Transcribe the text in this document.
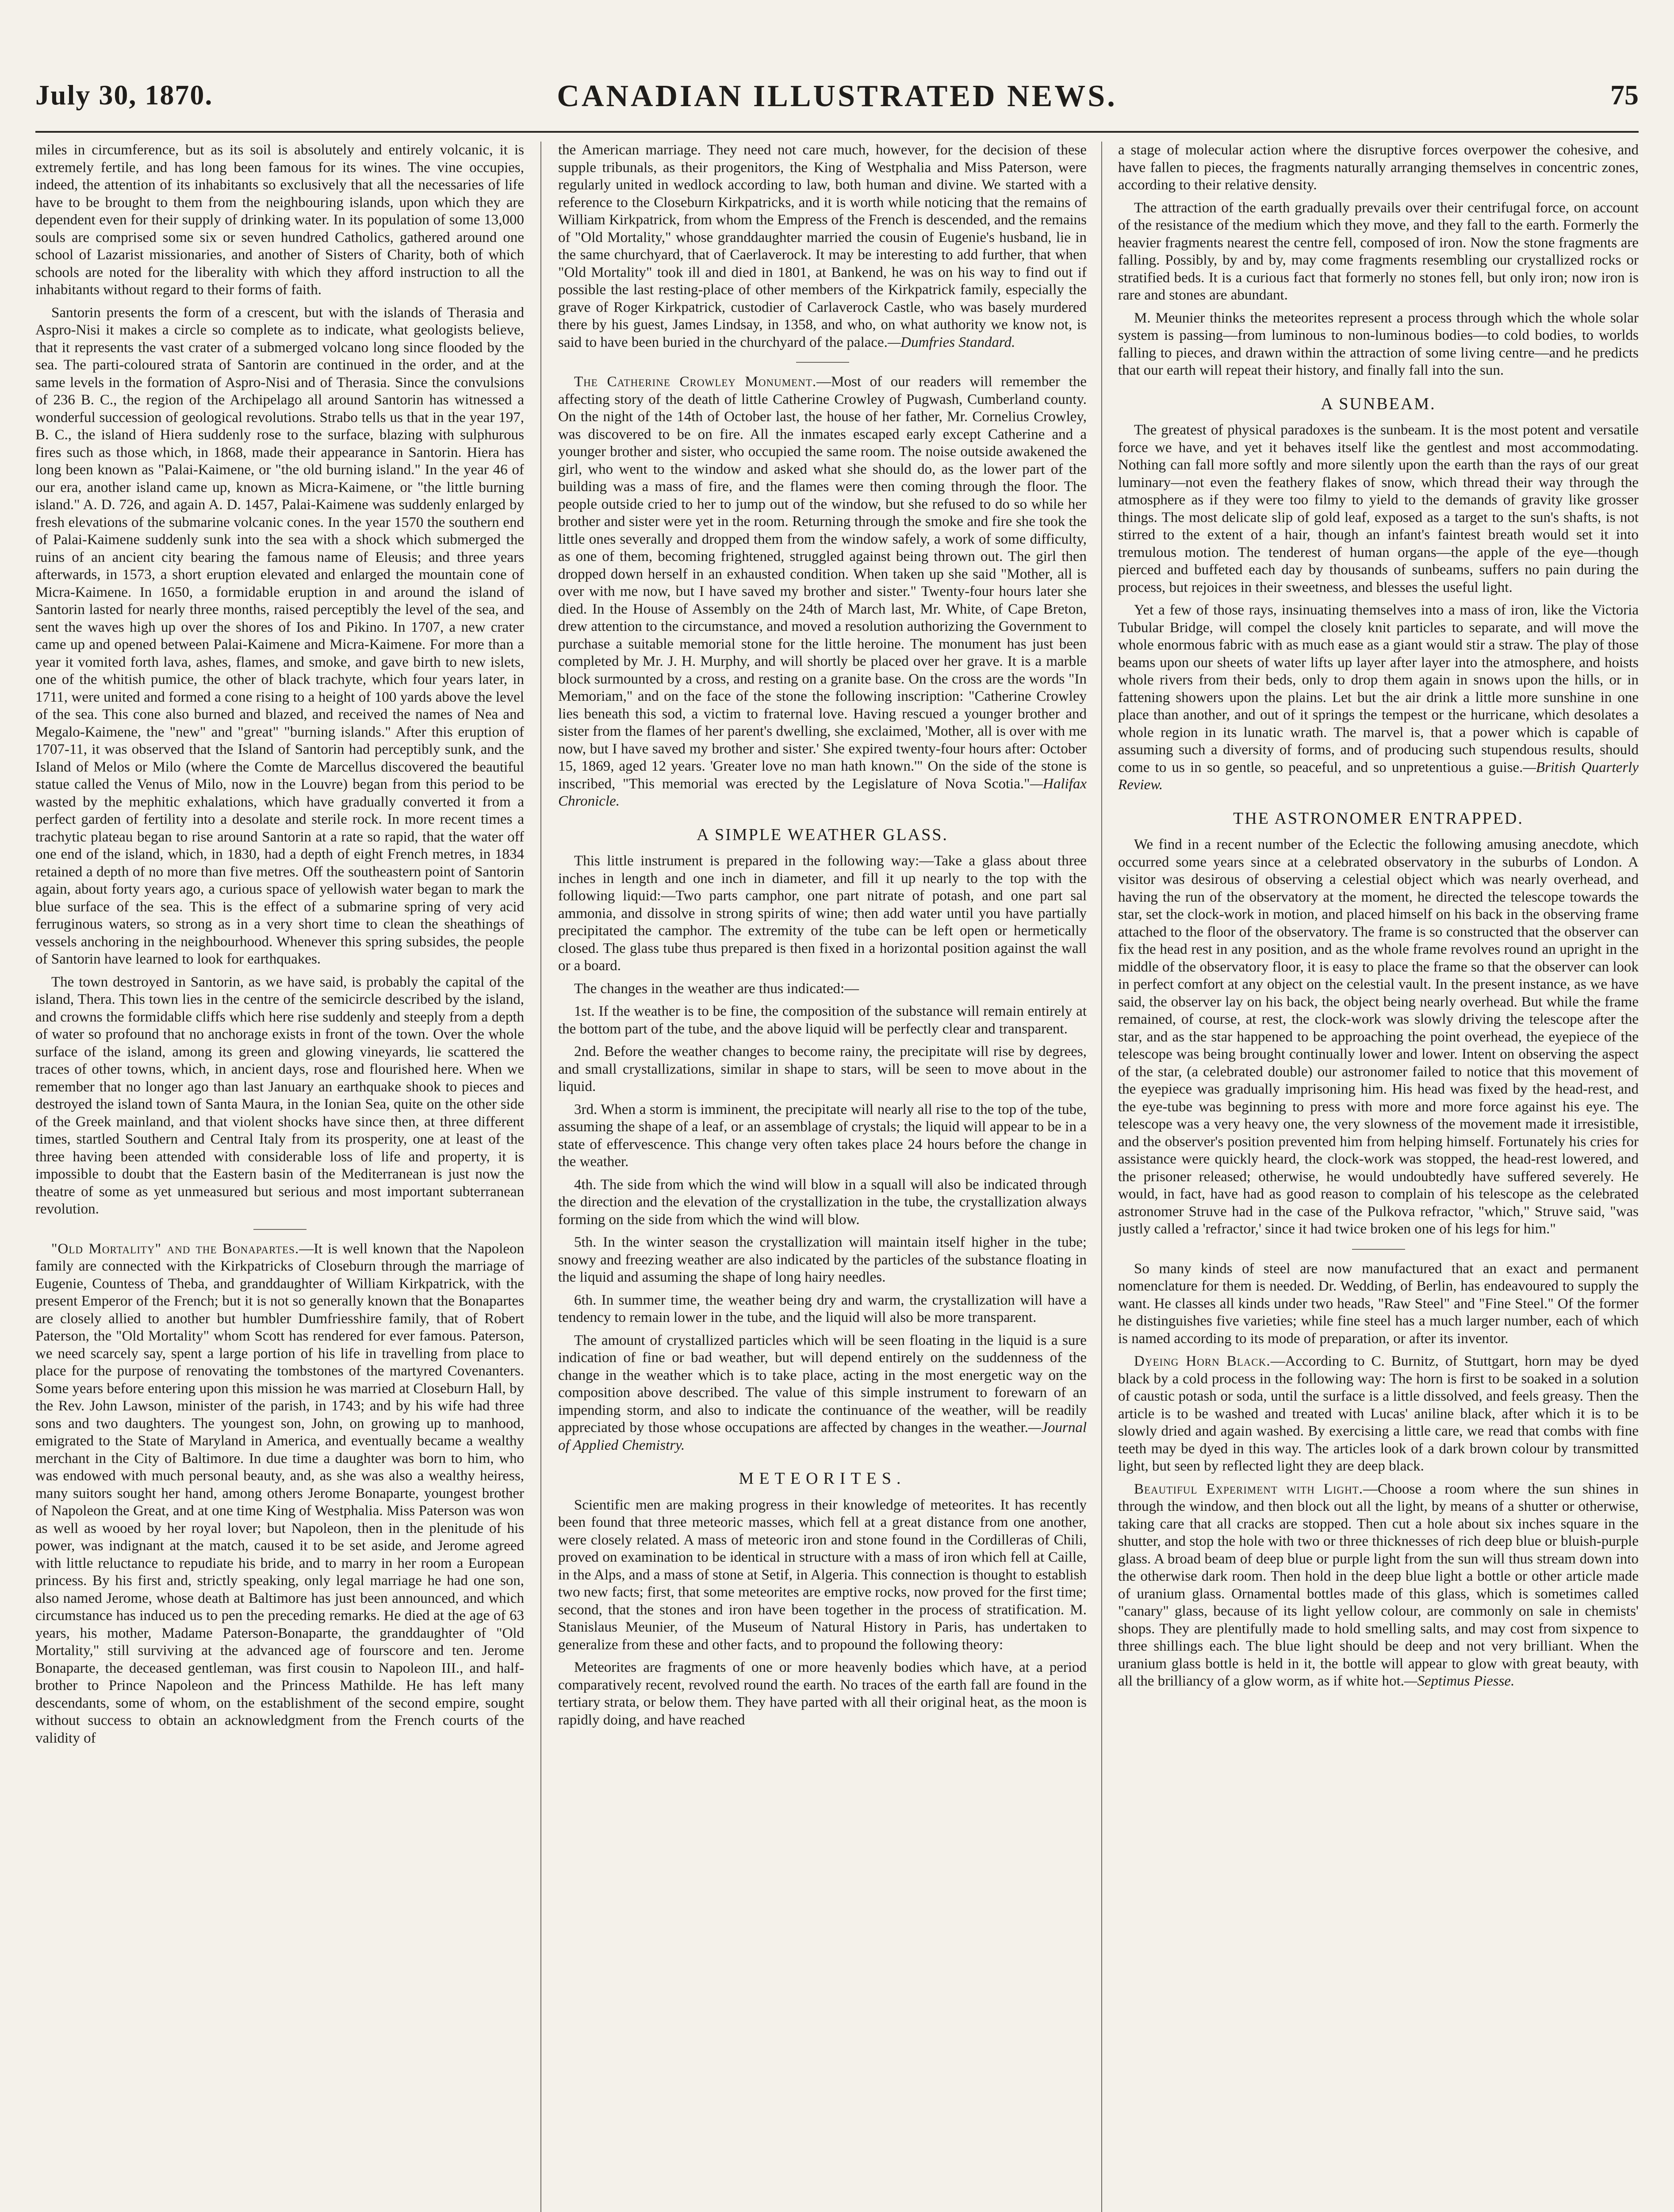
July 30, 1870.	CANADIAN ILLUSTRATED NEWS.	75

miles in circumference, but as its soil is absolutely and entirely volcanic, it is extremely fertile, and has long been famous for its wines. The vine occupies, indeed, the attention of its inhabitants so exclusively that all the necessaries of life have to be brought to them from the neighbouring islands, upon which they are dependent even for their supply of drinking water. In its population of some 13,000 souls are comprised some six or seven hundred Catholics, gathered around one school of Lazarist missionaries, and another of Sisters of Charity, both of which schools are noted for the liberality with which they afford instruction to all the inhabitants without regard to their forms of faith.

Santorin presents the form of a crescent, but with the islands of Therasia and Aspro-Nisi it makes a circle so complete as to indicate, what geologists believe, that it represents the vast crater of a submerged volcano long since flooded by the sea. The parti-coloured strata of Santorin are continued in the order, and at the same levels in the formation of Aspro-Nisi and of Therasia. Since the convulsions of 236 B. C., the region of the Archipelago all around Santorin has witnessed a wonderful succession of geological revolutions. Strabo tells us that in the year 197, B. C., the island of Hiera suddenly rose to the surface, blazing with sulphurous fires such as those which, in 1868, made their appearance in Santorin. Hiera has long been known as "Palai-Kaimene, or "the old burning island." In the year 46 of our era, another island came up, known as Micra-Kaimene, or "the little burning island." A. D. 726, and again A. D. 1457, Palai-Kaimene was suddenly enlarged by fresh elevations of the submarine volcanic cones. In the year 1570 the southern end of Palai-Kaimene suddenly sunk into the sea with a shock which submerged the ruins of an ancient city bearing the famous name of Eleusis; and three years afterwards, in 1573, a short eruption elevated and enlarged the mountain cone of Micra-Kaimene. In 1650, a formidable eruption in and around the island of Santorin lasted for nearly three months, raised perceptibly the level of the sea, and sent the waves high up over the shores of Ios and Pikino. In 1707, a new crater came up and opened between Palai-Kaimene and Micra-Kaimene. For more than a year it vomited forth lava, ashes, flames, and smoke, and gave birth to new islets, one of the whitish pumice, the other of black trachyte, which four years later, in 1711, were united and formed a cone rising to a height of 100 yards above the level of the sea. This cone also burned and blazed, and received the names of Nea and Megalo-Kaimene, the "new" and "great" "burning islands." After this eruption of 1707-11, it was observed that the Island of Santorin had perceptibly sunk, and the Island of Melos or Milo (where the Comte de Marcellus discovered the beautiful statue called the Venus of Milo, now in the Louvre) began from this period to be wasted by the mephitic exhalations, which have gradually converted it from a perfect garden of fertility into a desolate and sterile rock. In more recent times a trachytic plateau began to rise around Santorin at a rate so rapid, that the water off one end of the island, which, in 1830, had a depth of eight French metres, in 1834 retained a depth of no more than five metres. Off the southeastern point of Santorin again, about forty years ago, a curious space of yellowish water began to mark the blue surface of the sea. This is the effect of a submarine spring of very acid ferruginous waters, so strong as in a very short time to clean the sheathings of vessels anchoring in the neighbourhood. Whenever this spring subsides, the people of Santorin have learned to look for earthquakes.

The town destroyed in Santorin, as we have said, is probably the capital of the island, Thera. This town lies in the centre of the semicircle described by the island, and crowns the formidable cliffs which here rise suddenly and steeply from a depth of water so profound that no anchorage exists in front of the town. Over the whole surface of the island, among its green and glowing vineyards, lie scattered the traces of other towns, which, in ancient days, rose and flourished here. When we remember that no longer ago than last January an earthquake shook to pieces and destroyed the island town of Santa Maura, in the Ionian Sea, quite on the other side of the Greek mainland, and that violent shocks have since then, at three different times, startled Southern and Central Italy from its prosperity, one at least of the three having been attended with considerable loss of life and property, it is impossible to doubt that the Eastern basin of the Mediterranean is just now the theatre of some as yet unmeasured but serious and most important subterranean revolution.

"Old Mortality" and the Bonapartes.—It is well known that the Napoleon family are connected with the Kirkpatricks of Closeburn through the marriage of Eugenie, Countess of Theba, and granddaughter of William Kirkpatrick, with the present Emperor of the French; but it is not so generally known that the Bonapartes are closely allied to another but humbler Dumfriesshire family, that of Robert Paterson, the "Old Mortality" whom Scott has rendered for ever famous. Paterson, we need scarcely say, spent a large portion of his life in travelling from place to place for the purpose of renovating the tombstones of the martyred Covenanters. Some years before entering upon this mission he was married at Closeburn Hall, by the Rev. John Lawson, minister of the parish, in 1743; and by his wife had three sons and two daughters. The youngest son, John, on growing up to manhood, emigrated to the State of Maryland in America, and eventually became a wealthy merchant in the City of Baltimore. In due time a daughter was born to him, who was endowed with much personal beauty, and, as she was also a wealthy heiress, many suitors sought her hand, among others Jerome Bonaparte, youngest brother of Napoleon the Great, and at one time King of Westphalia. Miss Paterson was won as well as wooed by her royal lover; but Napoleon, then in the plenitude of his power, was indignant at the match, caused it to be set aside, and Jerome agreed with little reluctance to repudiate his bride, and to marry in her room a European princess. By his first and, strictly speaking, only legal marriage he had one son, also named Jerome, whose death at Baltimore has just been announced, and which circumstance has induced us to pen the preceding remarks. He died at the age of 63 years, his mother, Madame Paterson-Bonaparte, the granddaughter of "Old Mortality," still surviving at the advanced age of fourscore and ten. Jerome Bonaparte, the deceased gentleman, was first cousin to Napoleon III., and half-brother to Prince Napoleon and the Princess Mathilde. He has left many descendants, some of whom, on the establishment of the second empire, sought without success to obtain an acknowledgment from the French courts of the validity of

the American marriage. They need not care much, however, for the decision of these supple tribunals, as their progenitors, the King of Westphalia and Miss Paterson, were regularly united in wedlock according to law, both human and divine. We started with a reference to the Closeburn Kirkpatricks, and it is worth while noticing that the remains of William Kirkpatrick, from whom the Empress of the French is descended, and the remains of "Old Mortality," whose granddaughter married the cousin of Eugenie's husband, lie in the same churchyard, that of Caerlaverock. It may be interesting to add further, that when "Old Mortality" took ill and died in 1801, at Bankend, he was on his way to find out if possible the last resting-place of other members of the Kirkpatrick family, especially the grave of Roger Kirkpatrick, custodier of Carlaverock Castle, who was basely murdered there by his guest, James Lindsay, in 1358, and who, on what authority we know not, is said to have been buried in the churchyard of the palace.—Dumfries Standard.

The Catherine Crowley Monument.—Most of our readers will remember the affecting story of the death of little Catherine Crowley of Pugwash, Cumberland county. On the night of the 14th of October last, the house of her father, Mr. Cornelius Crowley, was discovered to be on fire. All the inmates escaped early except Catherine and a younger brother and sister, who occupied the same room. The noise outside awakened the girl, who went to the window and asked what she should do, as the lower part of the building was a mass of fire, and the flames were then coming through the floor. The people outside cried to her to jump out of the window, but she refused to do so while her brother and sister were yet in the room. Returning through the smoke and fire she took the little ones severally and dropped them from the window safely, a work of some difficulty, as one of them, becoming frightened, struggled against being thrown out. The girl then dropped down herself in an exhausted condition. When taken up she said "Mother, all is over with me now, but I have saved my brother and sister." Twenty-four hours later she died. In the House of Assembly on the 24th of March last, Mr. White, of Cape Breton, drew attention to the circumstance, and moved a resolution authorizing the Government to purchase a suitable memorial stone for the little heroine. The monument has just been completed by Mr. J. H. Murphy, and will shortly be placed over her grave. It is a marble block surmounted by a cross, and resting on a granite base. On the cross are the words "In Memoriam," and on the face of the stone the following inscription: "Catherine Crowley lies beneath this sod, a victim to fraternal love. Having rescued a younger brother and sister from the flames of her parent's dwelling, she exclaimed, 'Mother, all is over with me now, but I have saved my brother and sister.' She expired twenty-four hours after: October 15, 1869, aged 12 years. 'Greater love no man hath known.'" On the side of the stone is inscribed, "This memorial was erected by the Legislature of Nova Scotia."—Halifax Chronicle.

A SIMPLE WEATHER GLASS.

This little instrument is prepared in the following way:—Take a glass about three inches in length and one inch in diameter, and fill it up nearly to the top with the following liquid:—Two parts camphor, one part nitrate of potash, and one part sal ammonia, and dissolve in strong spirits of wine; then add water until you have partially precipitated the camphor. The extremity of the tube can be left open or hermetically closed. The glass tube thus prepared is then fixed in a horizontal position against the wall or a board.

The changes in the weather are thus indicated:—

1st. If the weather is to be fine, the composition of the substance will remain entirely at the bottom part of the tube, and the above liquid will be perfectly clear and transparent.

2nd. Before the weather changes to become rainy, the precipitate will rise by degrees, and small crystallizations, similar in shape to stars, will be seen to move about in the liquid.

3rd. When a storm is imminent, the precipitate will nearly all rise to the top of the tube, assuming the shape of a leaf, or an assemblage of crystals; the liquid will appear to be in a state of effervescence. This change very often takes place 24 hours before the change in the weather.

4th. The side from which the wind will blow in a squall will also be indicated through the direction and the elevation of the crystallization in the tube, the crystallization always forming on the side from which the wind will blow.

5th. In the winter season the crystallization will maintain itself higher in the tube; snowy and freezing weather are also indicated by the particles of the substance floating in the liquid and assuming the shape of long hairy needles.

6th. In summer time, the weather being dry and warm, the crystallization will have a tendency to remain lower in the tube, and the liquid will also be more transparent.

The amount of crystallized particles which will be seen floating in the liquid is a sure indication of fine or bad weather, but will depend entirely on the suddenness of the change in the weather which is to take place, acting in the most energetic way on the composition above described. The value of this simple instrument to forewarn of an impending storm, and also to indicate the continuance of the weather, will be readily appreciated by those whose occupations are affected by changes in the weather.—Journal of Applied Chemistry.

METEORITES.

Scientific men are making progress in their knowledge of meteorites. It has recently been found that three meteoric masses, which fell at a great distance from one another, were closely related. A mass of meteoric iron and stone found in the Cordilleras of Chili, proved on examination to be identical in structure with a mass of iron which fell at Caille, in the Alps, and a mass of stone at Setif, in Algeria. This connection is thought to establish two new facts; first, that some meteorites are emptive rocks, now proved for the first time; second, that the stones and iron have been together in the process of stratification. M. Stanislaus Meunier, of the Museum of Natural History in Paris, has undertaken to generalize from these and other facts, and to propound the following theory:

Meteorites are fragments of one or more heavenly bodies which have, at a period comparatively recent, revolved round the earth. No traces of the earth fall are found in the tertiary strata, or below them. They have parted with all their original heat, as the moon is rapidly doing, and have reached

a stage of molecular action where the disruptive forces overpower the cohesive, and have fallen to pieces, the fragments naturally arranging themselves in concentric zones, according to their relative density.

The attraction of the earth gradually prevails over their centrifugal force, on account of the resistance of the medium which they move, and they fall to the earth. Formerly the heavier fragments nearest the centre fell, composed of iron. Now the stone fragments are falling. Possibly, by and by, may come fragments resembling our crystallized rocks or stratified beds. It is a curious fact that formerly no stones fell, but only iron; now iron is rare and stones are abundant.

M. Meunier thinks the meteorites represent a process through which the whole solar system is passing—from luminous to non-luminous bodies—to cold bodies, to worlds falling to pieces, and drawn within the attraction of some living centre—and he predicts that our earth will repeat their history, and finally fall into the sun.

A SUNBEAM.

The greatest of physical paradoxes is the sunbeam. It is the most potent and versatile force we have, and yet it behaves itself like the gentlest and most accommodating. Nothing can fall more softly and more silently upon the earth than the rays of our great luminary—not even the feathery flakes of snow, which thread their way through the atmosphere as if they were too filmy to yield to the demands of gravity like grosser things. The most delicate slip of gold leaf, exposed as a target to the sun's shafts, is not stirred to the extent of a hair, though an infant's faintest breath would set it into tremulous motion. The tenderest of human organs—the apple of the eye—though pierced and buffeted each day by thousands of sunbeams, suffers no pain during the process, but rejoices in their sweetness, and blesses the useful light.

Yet a few of those rays, insinuating themselves into a mass of iron, like the Victoria Tubular Bridge, will compel the closely knit particles to separate, and will move the whole enormous fabric with as much ease as a giant would stir a straw. The play of those beams upon our sheets of water lifts up layer after layer into the atmosphere, and hoists whole rivers from their beds, only to drop them again in snows upon the hills, or in fattening showers upon the plains. Let but the air drink a little more sunshine in one place than another, and out of it springs the tempest or the hurricane, which desolates a whole region in its lunatic wrath. The marvel is, that a power which is capable of assuming such a diversity of forms, and of producing such stupendous results, should come to us in so gentle, so peaceful, and so unpretentious a guise.—British Quarterly Review.

THE ASTRONOMER ENTRAPPED.

We find in a recent number of the Eclectic the following amusing anecdote, which occurred some years since at a celebrated observatory in the suburbs of London. A visitor was desirous of observing a celestial object which was nearly overhead, and having the run of the observatory at the moment, he directed the telescope towards the star, set the clock-work in motion, and placed himself on his back in the observing frame attached to the floor of the observatory. The frame is so constructed that the observer can fix the head rest in any position, and as the whole frame revolves round an upright in the middle of the observatory floor, it is easy to place the frame so that the observer can look in perfect comfort at any object on the celestial vault. In the present instance, as we have said, the observer lay on his back, the object being nearly overhead. But while the frame remained, of course, at rest, the clock-work was slowly driving the telescope after the star, and as the star happened to be approaching the point overhead, the eyepiece of the telescope was being brought continually lower and lower. Intent on observing the aspect of the star, (a celebrated double) our astronomer failed to notice that this movement of the eyepiece was gradually imprisoning him. His head was fixed by the head-rest, and the eye-tube was beginning to press with more and more force against his eye. The telescope was a very heavy one, the very slowness of the movement made it irresistible, and the observer's position prevented him from helping himself. Fortunately his cries for assistance were quickly heard, the clock-work was stopped, the head-rest lowered, and the prisoner released; otherwise, he would undoubtedly have suffered severely. He would, in fact, have had as good reason to complain of his telescope as the celebrated astronomer Struve had in the case of the Pulkova refractor, "which," Struve said, "was justly called a 'refractor,' since it had twice broken one of his legs for him."

So many kinds of steel are now manufactured that an exact and permanent nomenclature for them is needed. Dr. Wedding, of Berlin, has endeavoured to supply the want. He classes all kinds under two heads, "Raw Steel" and "Fine Steel." Of the former he distinguishes five varieties; while fine steel has a much larger number, each of which is named according to its mode of preparation, or after its inventor.

Dyeing Horn Black.—According to C. Burnitz, of Stuttgart, horn may be dyed black by a cold process in the following way: The horn is first to be soaked in a solution of caustic potash or soda, until the surface is a little dissolved, and feels greasy. Then the article is to be washed and treated with Lucas' aniline black, after which it is to be slowly dried and again washed. By exercising a little care, we read that combs with fine teeth may be dyed in this way. The articles look of a dark brown colour by transmitted light, but seen by reflected light they are deep black.

Beautiful Experiment with Light.—Choose a room where the sun shines in through the window, and then block out all the light, by means of a shutter or otherwise, taking care that all cracks are stopped. Then cut a hole about six inches square in the shutter, and stop the hole with two or three thicknesses of rich deep blue or bluish-purple glass. A broad beam of deep blue or purple light from the sun will thus stream down into the otherwise dark room. Then hold in the deep blue light a bottle or other article made of uranium glass. Ornamental bottles made of this glass, which is sometimes called "canary" glass, because of its light yellow colour, are commonly on sale in chemists' shops. They are plentifully made to hold smelling salts, and may cost from sixpence to three shillings each. The blue light should be deep and not very brilliant. When the uranium glass bottle is held in it, the bottle will appear to glow with great beauty, with all the brilliancy of a glow worm, as if white hot.—Septimus Piesse.
